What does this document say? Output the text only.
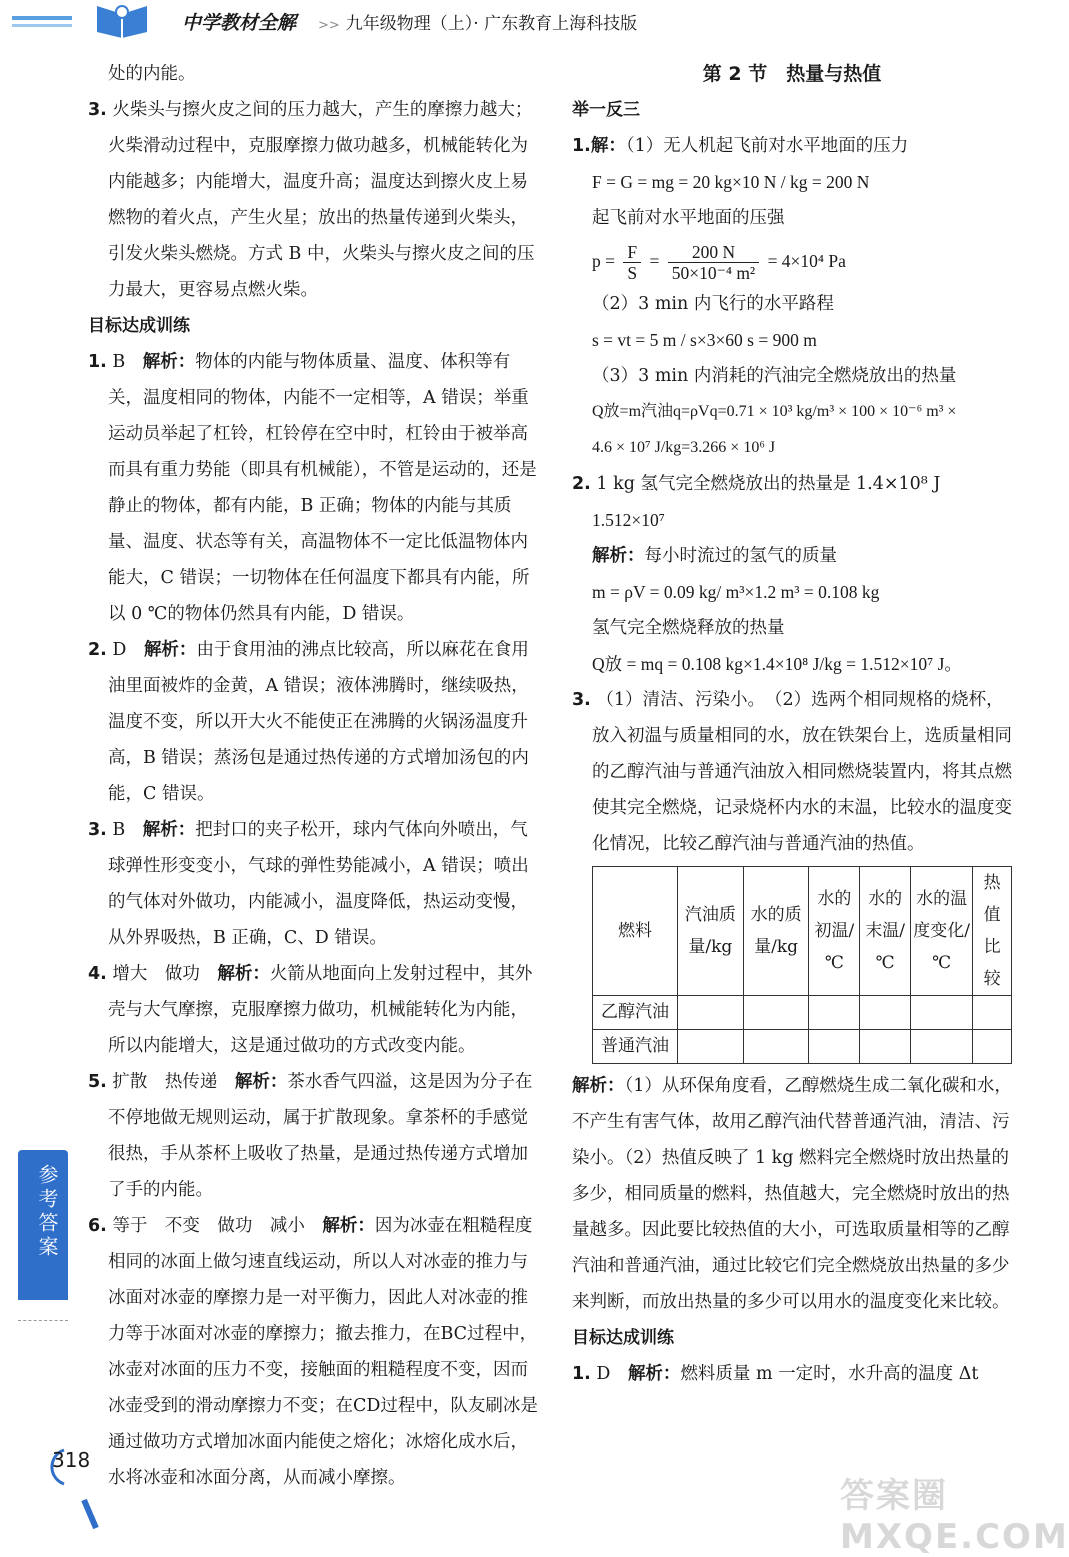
中学教材全解 >> 九年级物理（上）· 广东教育上海科技版

处的内能。

3. 火柴头与擦火皮之间的压力越大，产生的摩擦力越大；火柴滑动过程中，克服摩擦力做功越多，机械能转化为内能越多；内能增大，温度升高；温度达到擦火皮上易燃物的着火点，产生火星；放出的热量传递到火柴头，引发火柴头燃烧。方式 B 中，火柴头与擦火皮之间的压力最大，更容易点燃火柴。

目标达成训练

1. B　 解析：物体的内能与物体质量、温度、体积等有关，温度相同的物体，内能不一定相等，A 错误；举重运动员举起了杠铃，杠铃停在空中时，杠铃由于被举高而具有重力势能（即具有机械能），不管是运动的，还是静止的物体，都有内能，B 正确；物体的内能与其质量、温度、状态等有关，高温物体不一定比低温物体内能大，C 错误；一切物体在任何温度下都具有内能，所以 0 ℃的物体仍然具有内能，D 错误。

2. D　 解析：由于食用油的沸点比较高，所以麻花在食用油里面被炸的金黄，A 错误；液体沸腾时，继续吸热，温度不变，所以开大火不能使正在沸腾的火锅汤温度升高，B 错误；蒸汤包是通过热传递的方式增加汤包的内能，C 错误。

3. B　 解析：把封口的夹子松开，球内气体向外喷出，气球弹性形变变小，气球的弹性势能减小，A 错误；喷出的气体对外做功，内能减小，温度降低，热运动变慢，从外界吸热，B 正确，C、D 错误。

4. 增大　做功　 解析：火箭从地面向上发射过程中，其外壳与大气摩擦，克服摩擦力做功，机械能转化为内能，所以内能增大，这是通过做功的方式改变内能。

5. 扩散　热传递　 解析：茶水香气四溢，这是因为分子在不停地做无规则运动，属于扩散现象。拿茶杯的手感觉很热，手从茶杯上吸收了热量，是通过热传递方式增加了手的内能。

6. 等于　不变　做功　减小　 解析：因为冰壶在粗糙程度相同的冰面上做匀速直线运动，所以人对冰壶的推力与冰面对冰壶的摩擦力是一对平衡力，因此人对冰壶的推力等于冰面对冰壶的摩擦力；撤去推力，在BC过程中，冰壶对冰面的压力不变，接触面的粗糙程度不变，因而冰壶受到的滑动摩擦力不变；在CD过程中，队友刷冰是通过做功方式增加冰面内能使之熔化；冰熔化成水后，水将冰壶和冰面分离，从而减小摩擦。

第 2 节　热量与热值

举一反三

1.解：（1）无人机起飞前对水平地面的压力

F = G = mg = 20 kg×10 N / kg = 200 N

起飞前对水平地面的压强

$p = \frac{F}{S} = \frac{200 N}{\text{50×10⁻⁴ m²}} = 4\times 10^4$ Pa

（2）3 min 内飞行的水平路程

s = vt = 5 m / s×3×60 s = 900 m

（3）3 min 内消耗的汽油完全燃烧放出的热量

Q放=m汽油q=ρVq=0.71 × 10³ kg/m³ × 100 × 10⁻⁶ m³ ×

4.6 × 10⁷ J/kg=3.266 × 10⁶ J

2. 1 kg 氢气完全燃烧放出的热量是 1.4×10⁸ J

1.512×10⁷

解析：每小时流过的氢气的质量

m = ρV = 0.09 kg/ m³×1.2 m³ = 0.108 kg

氢气完全燃烧释放的热量

Q放 = mq = 0.108 kg×1.4×10⁸ J/kg = 1.512×10⁷ J。

3. （1）清洁、污染小。　（2）选两个相同规格的烧杯，放入初温与质量相同的水，放在铁架台上，选质量相同的乙醇汽油与普通汽油放入相同燃烧装置内，将其点燃使其完全燃烧，记录烧杯内水的末温，比较水的温度变化情况，比较乙醇汽油与普通汽油的热值。

燃料	汽油质量/kg	水的质量/kg	水的初温/℃	水的末温/℃	水的温度变化/℃	热值比较
乙醇汽油						
普通汽油						

解析：（1）从环保角度看，乙醇燃烧生成二氧化碳和水，不产生有害气体，故用乙醇汽油代替普通汽油，清洁、污染小。（2）热值反映了 1 kg 燃料完全燃烧时放出热量的多少，相同质量的燃料，热值越大，完全燃烧时放出的热量越多。因此要比较热值的大小，可选取质量相等的乙醇汽油和普通汽油，通过比较它们完全燃烧放出热量的多少来判断，而放出热量的多少可以用水的温度变化来比较。

目标达成训练

1. D　 解析：燃料质量 m 一定时，水升高的温度 Δt

参考答案
318
答案圈 MXQE.COM
